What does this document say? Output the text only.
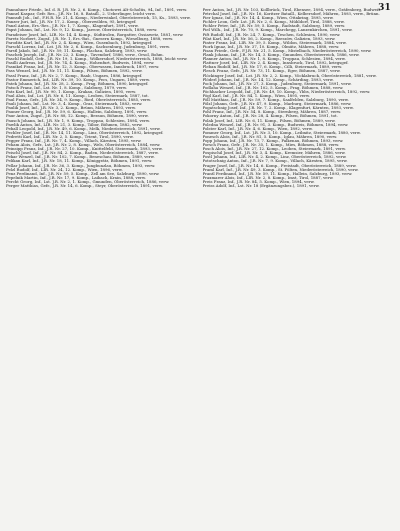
31

Pannuhner Friedr., Inf. d. R. J.R. Nr. 2, 6. Komp., Chotowei Alt-Scholtis, 94, Inf., 1891, verw.

Pannel Kaspar, Gefr. Res., J.R. Nr. 16, 8. Bataill., 2. Ueberlinger, leicht verw.

Pannsdt Joh., Inf., F.H.R. Nr. 21, 4. Komp., Niederwinkel, Oberösterreich, 15, Ks., 1893, verw.

Panzer Juri, Inf., J.R. Nr. 17, 2. Komp., Oberzwilden, 95, kriegsgef.

Panzl Anton, Ers.-Res., J.R. Nr. 1, 7. Komp., Klagenfurt, 1891, verw.

Papst Johann, Inf., Lst. Nr. 9, 12. Komp., Jarrow, Oberösterreich, 1888, verw.

Paradeiser Josef, Inf., LIR. Nr. 14, 4. Komp., Südtirolen, Rorgatter, Ossiawetz, 1881, verw.

Paretz Norbert, Zugsf., J.R. Nr. 1, Ers.-Bat., Gnesern Komp., Wieselburg, 1888, verw.

Paroditz Karl, Inf., J.R. Nr. 2, 4. Komp., Wien, Gusenbach, 1892, kriegsgef.

Parschl Lorenz, Inf., Lst. J.R. Nr. 2, 6. Komp., Sachsenburg, Judenburg, 1891, verw.

Parstl Jakob, Inf., J.R. Nr. 59, 11. Komp., Flachau, Salzburg, 1893, verw.

Paschek Joseph, Inf., J.R. Nr. 22, 3. Komp., Tavendorf, 1886, verw., Orsol, Bohm.

Paschl Rudolf, Gefr., J.R. Nr. 19, 1. Komp., Wölkersdorf, Niederösterreich, 1888, leicht verw.

Pasilli Andreas, Inf., J.R. Nr. 74, 4. Komp., Hohenfurt, Budweis, 1894, verw.

Pasnikel Franz, Inf., J.R. Nr. 12, 3. Komp., Oberwasen, Innsbruck, 1897, verw.

Pass Wenzel, Inf., J.R. Nr. 11, 11. Komp., Pilsen, Böhmen, 1892, verw.

Passl Franz, Inf., J.R. Nr. 2, 7. Komp., Raab, Ungarn, 1886, kriegsgef.

Pastor Emmerich, Inf., LIR. Nr. 39, 10. Komp., Pecs, Ungarn, 1889, verw.

Patek Johann, Inf., J.R. Nr. 28, 2. Komp., Prag, Böhmen, 1890, kriegsgef.

Patsch Franz, Inf., Lst. Nr. 1, 8. Komp., Salzburg, 1879, verw.

Patz Karl, Inf., J.R. Nr. 90, 1. Komp., Krakau, Galizien, 1895, verw.

Paul Alois, Inf., Lst. J.R. Nr. 6, 11. Komp., Leoben, Steiermark, 1887, tot.

Paul Franz, Gefr., J.R. Nr. 34, 9. Komp., Ried, Oberösterreich, 1885, verw.

Pauli Johann, Inf., Lst. Nr. 3, 4. Komp., Graz, Steiermark, 1883, verw.

Paulik Josef, Inf., J.R. Nr. 3, 2. Komp., Brünn, Mähren, 1893, verw.

Pauner Georg, Inf., J.R. Nr. 59, 6. Komp., Hallein, Salzburg, 1891, verw.

Paur Anton, Zugsf., J.R. Nr. 88, 12. Komp., Beraun, Böhmen, 1890, verw.

Pausch Johann, Inf., J.R. Nr. 1, 9. Komp., Troppau, Schlesien, 1894, verw.

Pawlik Anton, Inf., LIR. Nr. 21, 3. Komp., Tábor, Böhmen, 1882, verw.

Peball Leopold, Inf., J.R. Nr. 49, 6. Komp., Melk, Niederösterreich, 1891, verw.

Pechler Josef, Inf., J.R. Nr. 14, 11. Komp., Linz, Oberösterreich, 1892, kriegsgef.

Pedretti Karl, Inf., LIR. Nr. 2, 5. Komp., Trient, Tirol, 1890, verw.

Pegger Franz, Inf., J.R. Nr. 7, 4. Komp., Villach, Kärnten, 1895, verw.

Peham Alois, Gefr., Lst. J.R. Nr. 2, 8. Komp., Wels, Oberösterreich, 1884, verw.

Peinsipp Franz, Inf., J.R. Nr. 27, 10. Komp., Knittelfeld, Steiermark, 1893, verw.

Peischl Josef, Inf., J.R. Nr. 84, 2. Komp., Baden, Niederösterreich, 1887, verw.

Pekar Wenzel, Inf., J.R. Nr. 102, 7. Komp., Beneschau, Böhmen, 1889, verw.

Pelikan Karl, Inf., J.R. Nr. 18, 11. Komp., Königgrätz, Böhmen, 1891, verw.

Pellar Johann, Inf., J.R. Nr. 36, 3. Komp., Jungbunzlau, Böhmen, 1893, verw.

Pelzl Rudolf, Inf., LIR. Nr. 24, 12. Komp., Wien, 1896, verw.

Penz Ferdinand, Inf., J.R. Nr. 59, 5. Komp., Zell am See, Salzburg, 1890, verw.

Pepelnik Martin, Inf., J.R. Nr. 17, 9. Komp., Laibach, Krain, 1888, verw.

Percht Georg, Inf., Lst. J.R. Nr. 2, 1. Komp., Gmunden, Oberösterreich, 1886, verw.

Perger Matthias, Gefr., J.R. Nr. 14, 6. Komp., Steyr, Oberösterreich, 1891, verw.

Perr Anton, Inf., J.R. Nr. 103, Kollbrück, Tirol, Ebensee, 1894, verw., Gräfenberg, Budweis.

Petrchal Josef, Inf., J.R. Nr. 16, Koritzer Bataill., Kelbersdorf, Mähren, 1893, verw., Brünn.

Pier Ignaz, Inf., J.R. Nr. 14, 4. Komp., Wien, Ottakring, 1895, verw.

Pichler Leon, Gefr. Lst. J.R. Nr. 2, 6. Komp., Mühldorf, Tirol, 1888, verw.

Pichler Peter, Inf., J.R. Nr. 59, 5. Komp., Radstadt, Salzburg, 1889, verw.

Piel Wilh., Inf., J.R. Nr. 70, 9. Komp., Marchegg, Lanzenkirchen, 1891, verw.

Pift Rudolf, Inf., J.R. Nr. 24, 7. Komp., Teschen, Schlesien, 1890, verw.

Pilat Karl, Inf., J.R. Nr. 56, 2. Komp., Rzeszów, Galizien, 1893, verw.

Pinter Franz, Inf., LIR. Nr. 39, 5. Komp., Wildon, Steiermark, 1884, verw.

Piork Ignaz, Inf., J.R. Nr. 37, 10. Komp., Olmütz, Mähren, 1888, verw.

Pisan Friedr., Gefr., F.J.R. Nr. 21, 5. Komp., Mistelbach, Niederösterreich, 1890, verw.

Plank Johann, Inf., J.R. Nr. 14, 3. Komp., Gmunden, Oberösterreich, 1886, verw.

Planner Anton, Inf., J.R. Nr. 1, 8. Komp., Troppau, Schlesien, 1894, verw.

Plattner Josef, Inf., LIR. Nr. 2, 4. Komp., Innsbruck, Tirol, 1892, kriegsgef.

Pleban Rudolf, Inf., J.R. Nr. 17, 6. Komp., Cilli, Steiermark, 1889, verw.

Plesch Franz, Gefr., J.R. Nr. 73, 11. Komp., Eger, Böhmen, 1887, verw.

Plöckinger Josef, Inf., Lst. J.R. Nr. 2, 2. Komp., Vöcklabruck, Oberösterreich, 1881, verw.

Plöderl Johann, Inf., J.R. Nr. 14, 12. Komp., Schärding, 1893, verw.

Pock Johann, Inf., J.R. Nr. 27, 3. Komp., Judenburg, Steiermark, 1891, verw.

Podlaha Wenzel, Inf., J.R. Nr. 102, 5. Komp., Prag, Böhmen, 1888, verw.

Pöchhacker Leopold, Inf., J.R. Nr. 49, 10. Komp., Ybbs, Niederösterreich, 1892, verw.

Pögl Karl, Inf., J.R. Nr. 84, 1. Komp., Wien, 1895, verw.

Pöll Matthias, Inf., J.R. Nr. 59, 7. Komp., Saalfelden, Salzburg, 1890, verw.

Pölzl Johann, Gefr., J.R. Nr. 47, 9. Komp., Marburg, Steiermark, 1886, verw.

Pogatschnig Josef, Inf., J.R. Nr. 7, 2. Komp., Klagenfurt, Kärnten, 1893, verw.

Pohl Franz, Inf., J.R. Nr. 54, 8. Komp., Sternberg, Mähren, 1887, verw.

Pokorny Anton, Inf., J.R. Nr. 28, 4. Komp., Pilsen, Böhmen, 1891, tot.

Polak Josef, Inf., LIR. Nr. 6, 11. Komp., Pilsen, Böhmen, 1889, verw.

Poledna Wenzel, Inf., J.R. Nr. 91, 3. Komp., Budweis, Böhmen, 1894, verw.

Polster Karl, Inf., J.R. Nr. 4, 6. Komp., Wien, 1892, verw.

Pommer Georg, Inf., Lst. J.R. Nr. 3, 10. Komp., Leibnitz, Steiermark, 1880, verw.

Ponesch Alois, Inf., J.R. Nr. 81, 5. Komp., Iglau, Mähren, 1890, verw.

Popp Johann, Inf., J.R. Nr. 73, 7. Komp., Falkenau, Böhmen, 1893, verw.

Porsch Franz, Gefr., J.R. Nr. 35, 1. Komp., Mies, Böhmen, 1888, verw.

Posch Alois, Inf., J.R. Nr. 27, 12. Komp., Leoben, Steiermark, 1891, verw.

Pospischil Josef, Inf., J.R. Nr. 3, 4. Komp., Kremsier, Mähren, 1886, verw.

Postl Johann, Inf., LIR. Nr. 4, 2. Komp., Linz, Oberösterreich, 1892, verw.

Pototschnig Anton, Inf., J.R. Nr. 7, 9. Komp., Villach, Kärnten, 1895, verw.

Prager Josef, Inf., J.R. Nr. 14, 6. Komp., Freistadt, Oberösterreich, 1889, verw.

Praml Karl, Inf., J.R. Nr. 49, 3. Komp., St. Pölten, Niederösterreich, 1890, verw.

Prantl Ferdinand, Inf., J.R. Nr. 59, 11. Komp., Hallein, Salzburg, 1893, verw.

Praxmarer Alois, Inf., LIR. Nr. 2, 8. Komp., Imst, Tirol, 1887, verw.

Preis Franz, Inf., J.R. Nr. 84, 5. Komp., Wien, 1894, verw.

Preiss Adolf, Inf., Lst. Nr. 18 (Ergänzungsbez.), 1891, verw.
